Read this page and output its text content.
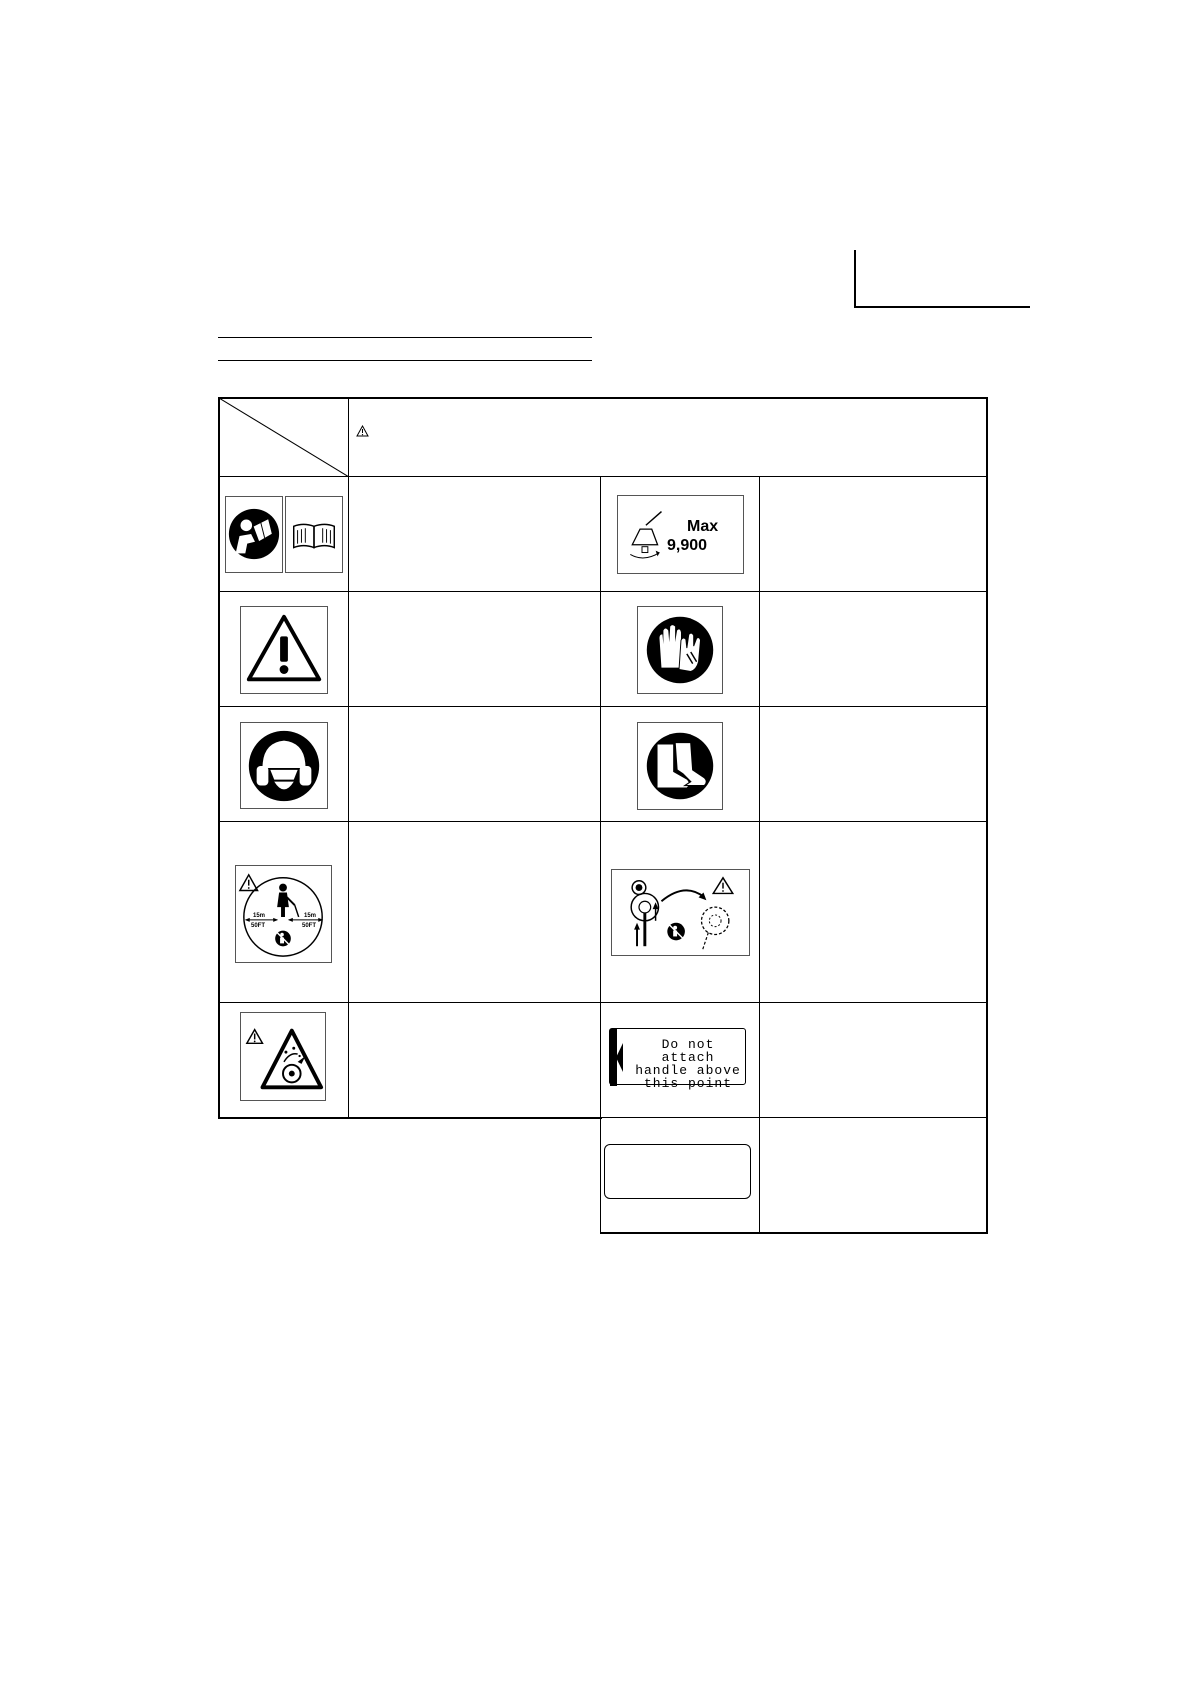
Max
9,900
15m
50FT
15m
50FT
Do not attach
handle above
this point
